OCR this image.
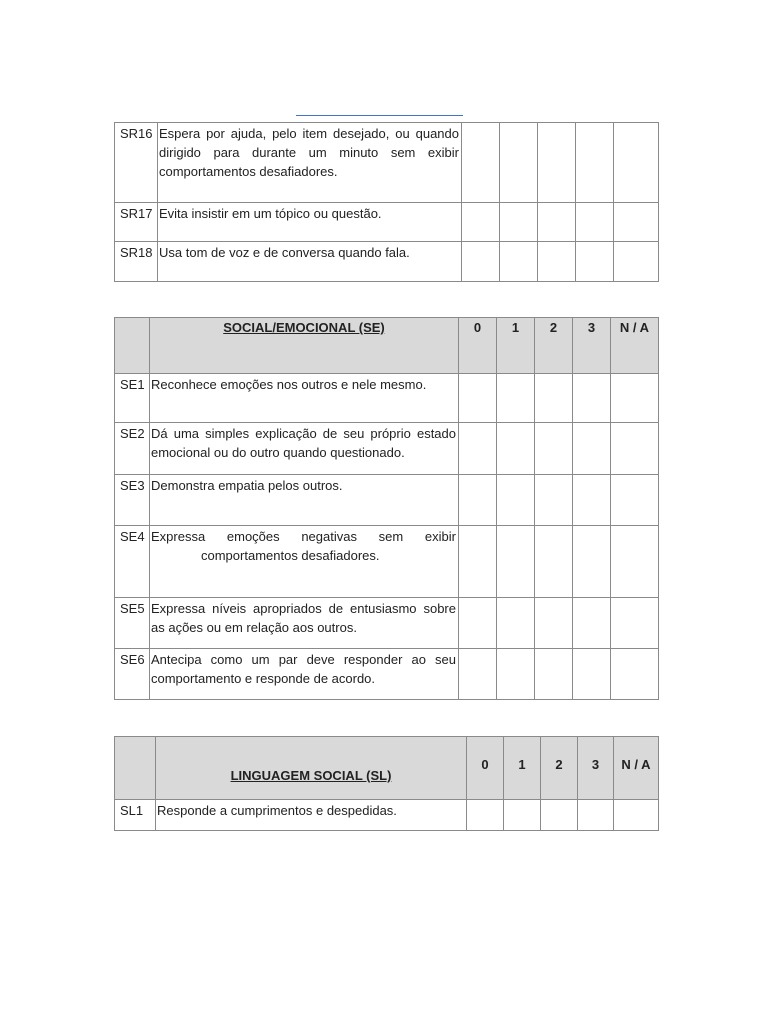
SR16	Espera por ajuda, pelo item desejado, ou quando dirigido para durante um minuto sem exibir comportamentos desafiadores.					
SR17	Evita insistir em um tópico ou questão.					
SR18	Usa tom de voz e de conversa quando fala.					
	SOCIAL/EMOCIONAL (SE)	0	1	2	3	N / A
SE1	Reconhece emoções nos outros e nele mesmo.					
SE2	Dá uma simples explicação de seu próprio estado emocional ou do outro quando questionado.					
SE3	Demonstra empatia pelos outros.					
SE4	Expressa emoções negativas sem exibir
comportamentos desafiadores.					

SE5	Expressa níveis apropriados de entusiasmo sobre as ações ou em relação aos outros.					
SE6	Antecipa como um par deve responder ao seu comportamento e responde de acordo.					
	LINGUAGEM SOCIAL (SL)	0	1	2	3	N / A
SL1	Responde a cumprimentos e despedidas.					
